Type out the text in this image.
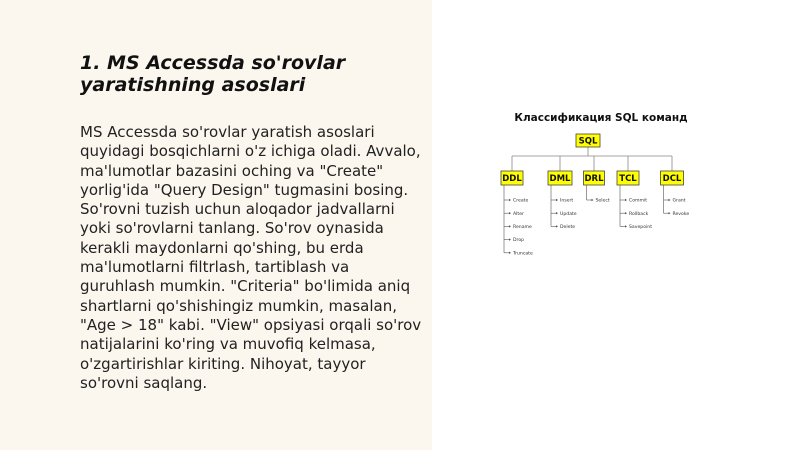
1. MS Accessda so'rovlar yaratishning asoslari

MS Accessda so'rovlar yaratish asoslari quyidagi bosqichlarni o'z ichiga oladi. Avvalo, ma'lumotlar bazasini oching va "Create" yorlig'ida "Query Design" tugmasini bosing. So'rovni tuzish uchun aloqador jadvallarni yoki so'rovlarni tanlang. So'rov oynasida kerakli maydonlarni qo'shing, bu erda ma'lumotlarni filtrlash, tartiblash va guruhlash mumkin. "Criteria" bo'limida aniq shartlarni qo'shishingiz mumkin, masalan, "Age > 18" kabi. "View" opsiyasi orqali so'rov natijalarini ko'ring va muvofiq kelmasa, o'zgartirishlar kiriting. Nihoyat, tayyor so'rovni saqlang.

Классификация SQL команд
SQL
DDL
Create
Alter
Rename
Drop
Truncate
DML
Insert
Update
Delete
DRL
Select
TCL
Commit
Rollback
Savepoint
DCL
Grant
Revoke
